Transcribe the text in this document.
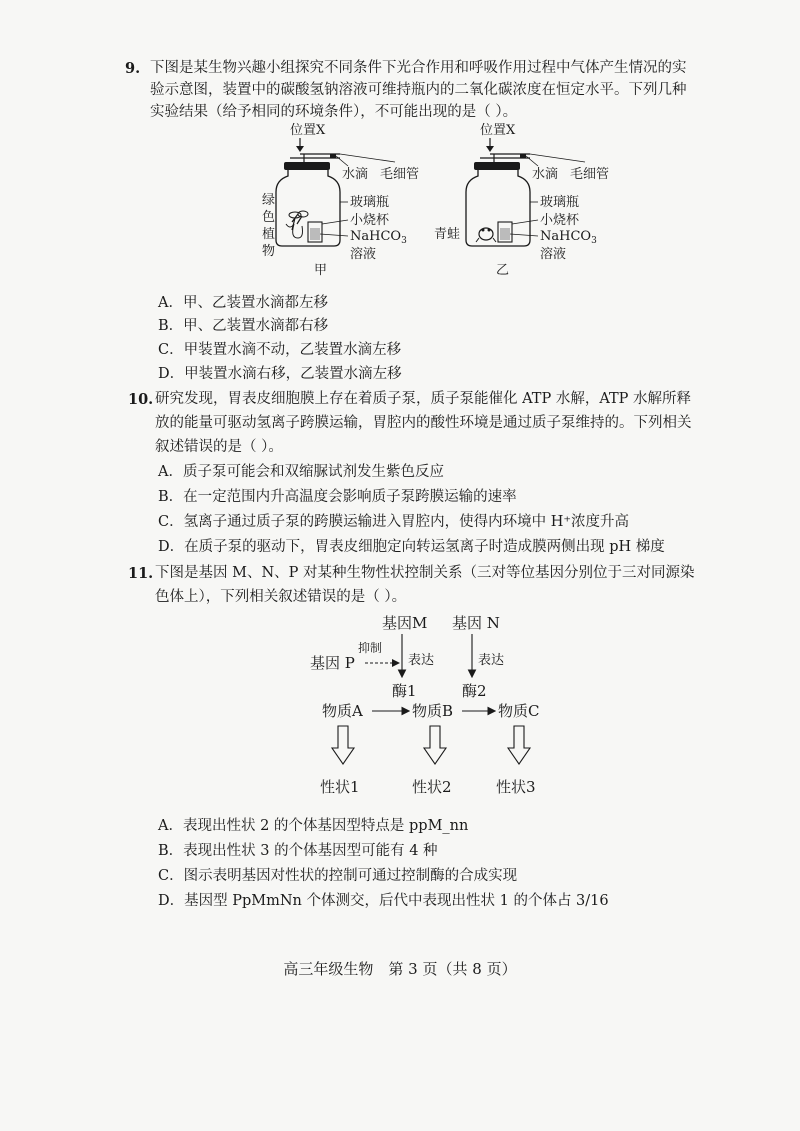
9. 下图是某生物兴趣小组探究不同条件下光合作用和呼吸作用过程中气体产生情况的实
验示意图，装置中的碳酸氢钠溶液可维持瓶内的二氧化碳浓度在恒定水平。下列几种
实验结果（给予相同的环境条件），不可能出现的是（ ）。
位置X
水滴 毛细管
玻璃瓶
小烧杯
NaHCO$_3$
溶液
绿
色
植
物
甲
位置X
水滴 毛细管
玻璃瓶
小烧杯
NaHCO$_3$
溶液
青蛙
乙
A．甲、乙装置水滴都左移
B．甲、乙装置水滴都右移
C．甲装置水滴不动，乙装置水滴左移
D．甲装置水滴右移，乙装置水滴左移
10. 研究发现，胃表皮细胞膜上存在着质子泵，质子泵能催化 ATP 水解，ATP 水解所释
放的能量可驱动氢离子跨膜运输，胃腔内的酸性环境是通过质子泵维持的。下列相关
叙述错误的是（ ）。
A．质子泵可能会和双缩脲试剂发生紫色反应
B．在一定范围内升高温度会影响质子泵跨膜运输的速率
C．氢离子通过质子泵的跨膜运输进入胃腔内，使得内环境中 H⁺浓度升高
D．在质子泵的驱动下，胃表皮细胞定向转运氢离子时造成膜两侧出现 pH 梯度
11. 下图是基因 M、N、P 对某种生物性状控制关系（三对等位基因分别位于三对同源染
色体上），下列相关叙述错误的是（ ）。
基因M 基因 N
基因 P
抑制
表达	表达
酶1	酶2
物质A	物质B	物质C
性状1	性状2	性状3
A．表现出性状 2 的个体基因型特点是 ppM_nn
B．表现出性状 3 的个体基因型可能有 4 种
C．图示表明基因对性状的控制可通过控制酶的合成实现
D．基因型 PpMmNn 个体测交，后代中表现出性状 1 的个体占 3/16
高三年级生物　第 3 页（共 8 页）
